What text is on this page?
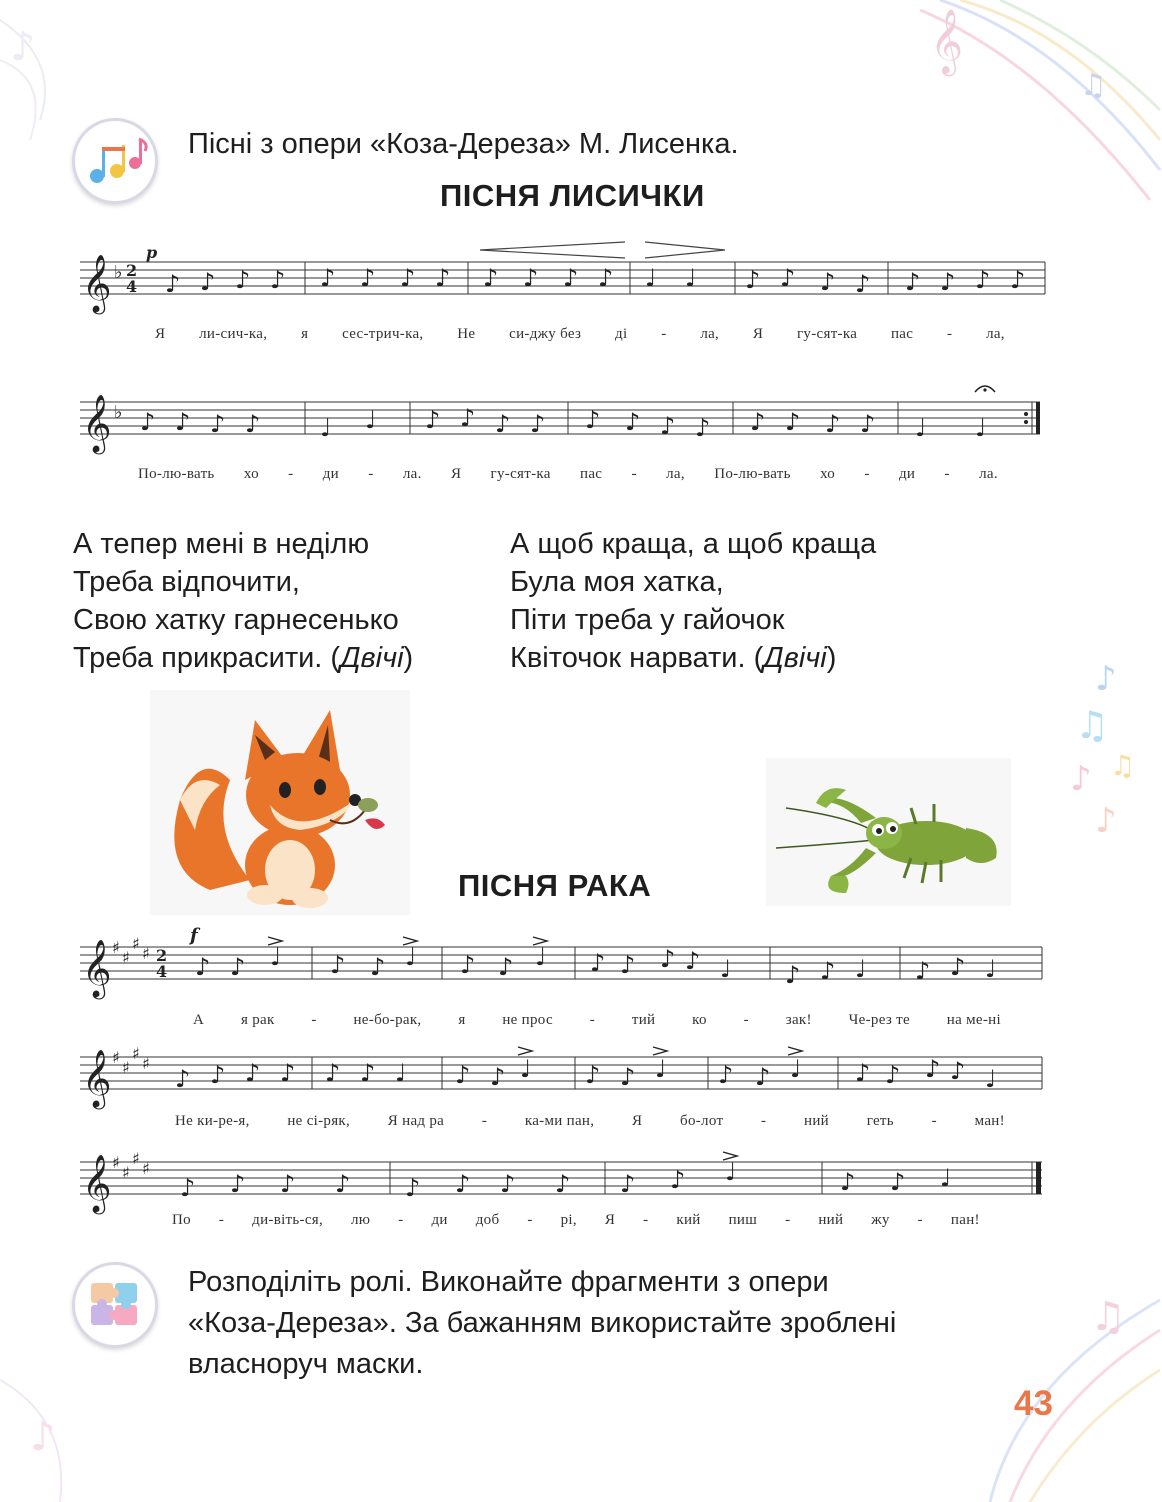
♪	𝄞
♫
♪
♫
♪ ♫
♪
♫
♪
Пісні з опери «Коза-Дереза» М. Лисенка.
ПІСНЯ ЛИСИЧКИ
𝄞 ♭ 2
4
p
♪ ♪ ♪ ♪ ♪ ♪ ♪ ♪ ♪ ♪ ♪ ♪ ♩ ♩ ♪ ♪ ♪ ♪ ♪ ♪ ♪ ♪
Я ли-сич-ка, я сес-трич-ка, Не си-джу без ді - ла, Я гу-сят-ка пас - ла,
𝄞 ♭ ♪ ♪ ♪ ♪ ♩ ♩ ♪ ♪ ♪ ♪ ♪ ♪ ♪ ♪ ♪ ♪ ♪ ♪ ♩ ♩
По-лю-вать хо - ди - ла. Я гу-сят-ка пас - ла, По-лю-вать хо - ди - ла.
А тепер мені в неділю
Треба відпочити,
Свою хатку гарнесенько
Треба прикрасити. (Двічі)
А щоб краща, а щоб краща
Була моя хатка,
Піти треба у гайочок
Квіточок нарвати. (Двічі)
ПІСНЯ РАКА
𝄞 ♯
♯
♯
♯ 2
4
f
♪ ♪ ♩ ♪ ♪ ♩ ♪ ♪ ♩ ♪ ♪ ♪ ♪ ♩ ♪ ♪ ♩ ♪ ♪ ♩
А я рак - не-бо-рак, я не прос - тий ко - зак! Че-рез те на ме-ні
𝄞 ♯
♯
♯
♯
♪ ♪ ♪ ♪ ♪ ♪ ♩ ♪ ♪ ♩ ♪ ♪ ♩ ♪ ♪ ♩ ♪ ♪ ♪ ♪ ♩
Не ки-ре-я,	не сі-ряк,	Я над ра	-	ка-ми пан,	Я	бо-лот	-	ний	геть	-	ман!
𝄞 ♯
♯
♯
♯
♪ ♪ ♪ ♪ ♪ ♪ ♪ ♪ ♪ ♪ ♩	♪ ♪ ♩
По - ди-віть-ся, лю - ди доб - рі, Я - кий пиш - ний жу - пан!
Розподіліть ролі. Виконайте фрагменти з опери
«Коза-Дереза». За бажанням використайте зроблені
власноруч маски.
43
